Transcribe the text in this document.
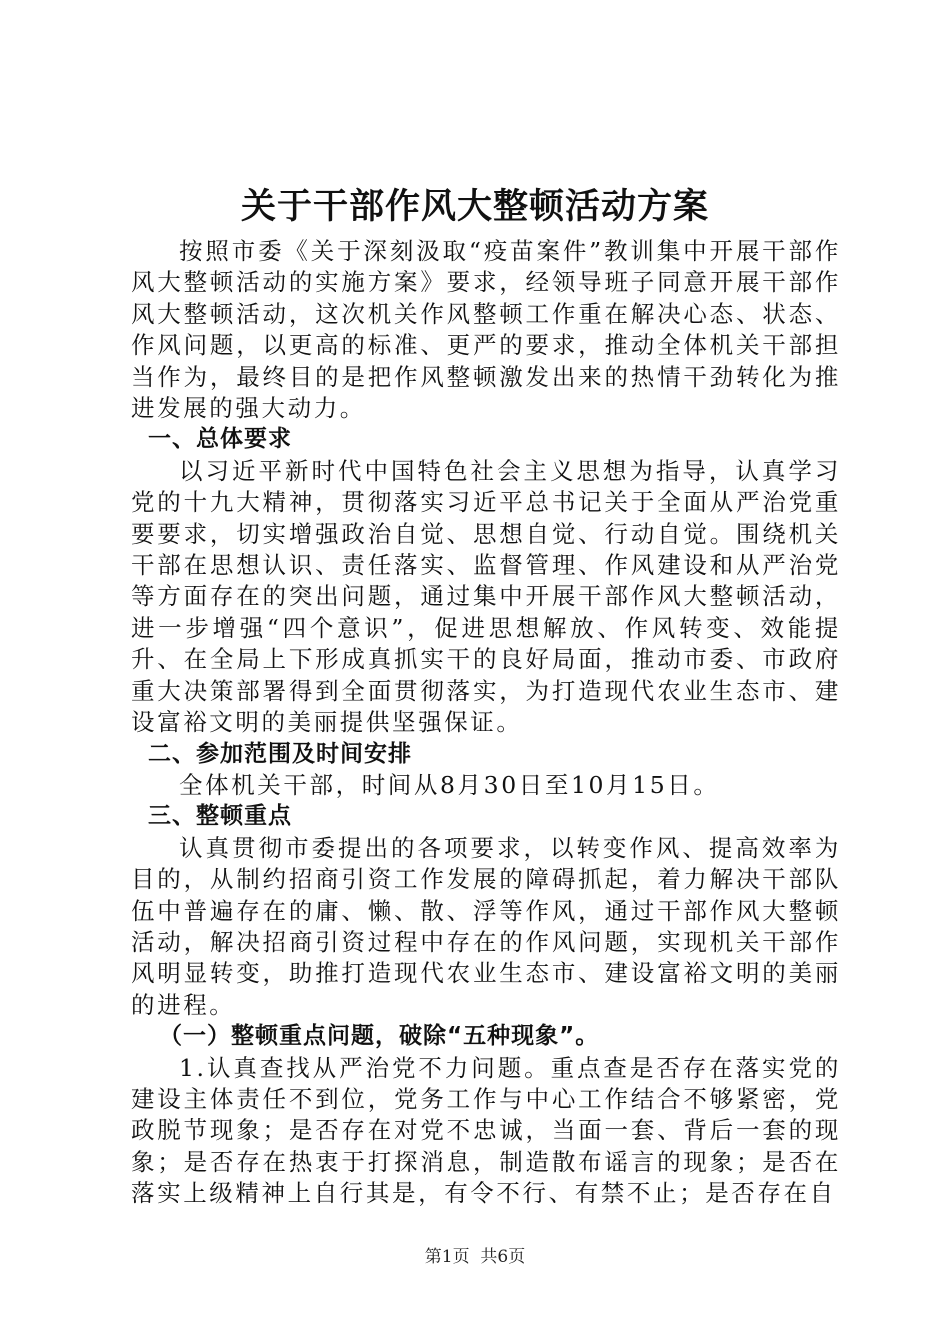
关于干部作风大整顿活动方案

按照市委《关于深刻汲取“疫苗案件”教训集中开展干部作风大整顿活动的实施方案》要求，经领导班子同意开展干部作风大整顿活动，这次机关作风整顿工作重在解决心态、状态、作风问题，以更高的标准、更严的要求，推动全体机关干部担当作为，最终目的是把作风整顿激发出来的热情干劲转化为推进发展的强大动力。

一、总体要求

以习近平新时代中国特色社会主义思想为指导，认真学习党的十九大精神，贯彻落实习近平总书记关于全面从严治党重要要求，切实增强政治自觉、思想自觉、行动自觉。围绕机关干部在思想认识、责任落实、监督管理、作风建设和从严治党等方面存在的突出问题，通过集中开展干部作风大整顿活动，进一步增强“四个意识”，促进思想解放、作风转变、效能提升、在全局上下形成真抓实干的良好局面，推动市委、市政府重大决策部署得到全面贯彻落实，为打造现代农业生态市、建设富裕文明的美丽提供坚强保证。

二、参加范围及时间安排

全体机关干部，时间从8月30日至10月15日。

三、整顿重点

认真贯彻市委提出的各项要求，以转变作风、提高效率为目的，从制约招商引资工作发展的障碍抓起，着力解决干部队伍中普遍存在的庸、懒、散、浮等作风，通过干部作风大整顿活动，解决招商引资过程中存在的作风问题，实现机关干部作风明显转变，助推打造现代农业生态市、建设富裕文明的美丽的进程。

（一）整顿重点问题，破除“五种现象”。

1.认真查找从严治党不力问题。重点查是否存在落实党的建设主体责任不到位，党务工作与中心工作结合不够紧密，党政脱节现象；是否存在对党不忠诚，当面一套、背后一套的现象；是否存在热衷于打探消息，制造散布谣言的现象；是否在落实上级精神上自行其是，有令不行、有禁不止；是否存在自

第1页 共6页
